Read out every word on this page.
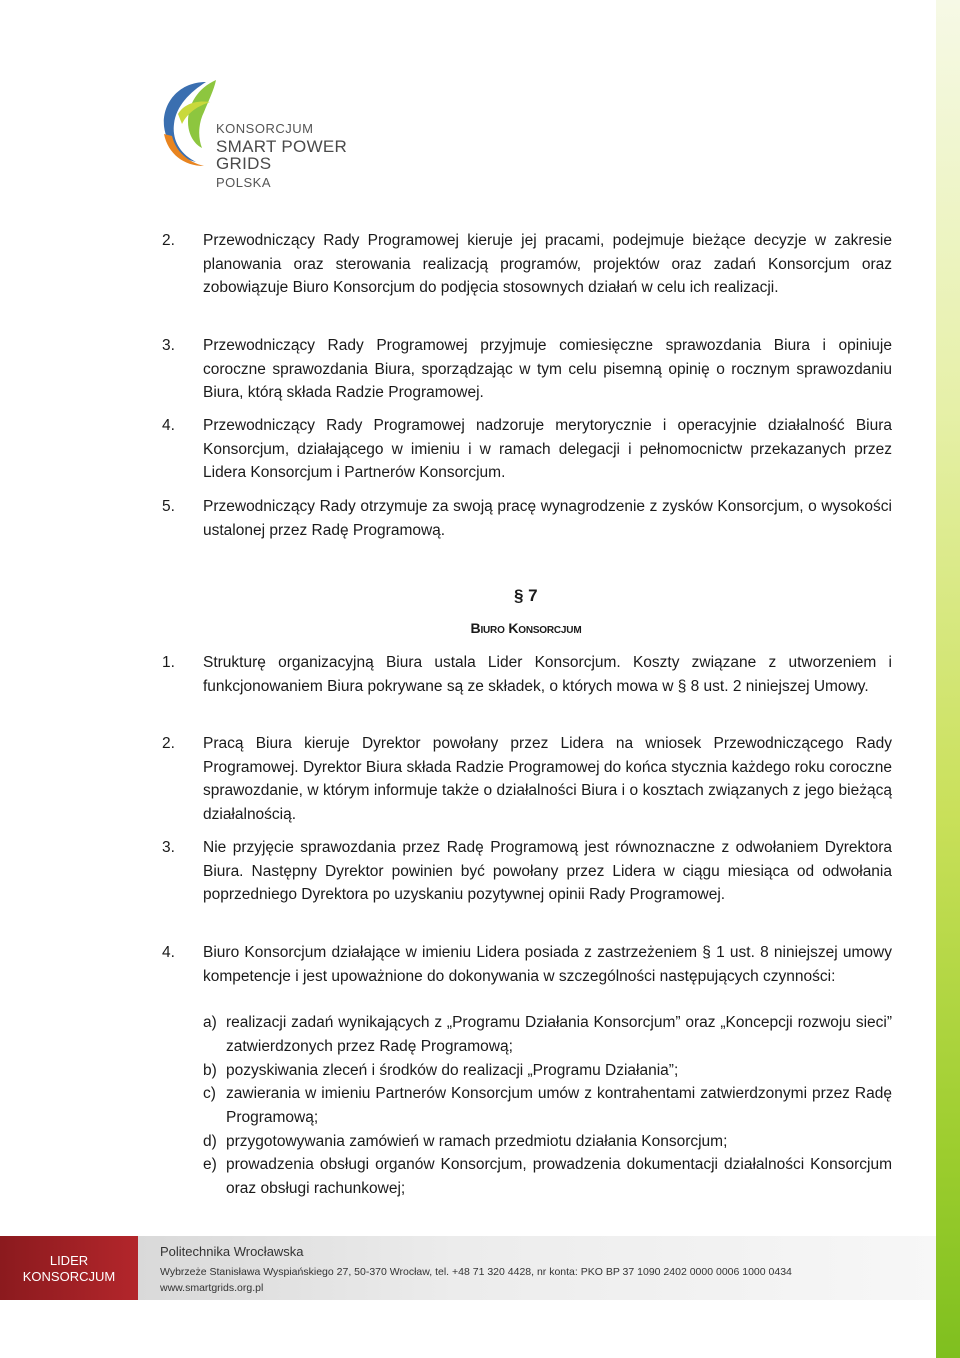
KONSORCJUM
SMART POWER GRIDS
POLSKA
2. Przewodniczący Rady Programowej kieruje jej pracami, podejmuje bieżące decyzje w zakresie planowania oraz sterowania realizacją programów, projektów oraz zadań Konsorcjum oraz zobowiązuje Biuro Konsorcjum do podjęcia stosownych działań w celu ich realizacji.
3. Przewodniczący Rady Programowej przyjmuje comiesięczne sprawozdania Biura i opiniuje coroczne sprawozdania Biura, sporządzając w tym celu pisemną opinię o rocznym sprawozdaniu Biura, którą składa Radzie Programowej.
4. Przewodniczący Rady Programowej nadzoruje merytorycznie i operacyjnie działalność Biura Konsorcjum, działającego w imieniu i w ramach delegacji i pełnomocnictw przekazanych przez Lidera Konsorcjum i Partnerów Konsorcjum.
5. Przewodniczący Rady otrzymuje za swoją pracę wynagrodzenie z zysków Konsorcjum, o wysokości ustalonej przez Radę Programową.
§ 7
Biuro Konsorcjum
1. Strukturę organizacyjną Biura ustala Lider Konsorcjum. Koszty związane z utworzeniem i funkcjonowaniem Biura pokrywane są ze składek, o których mowa w § 8 ust. 2 niniejszej Umowy.
2. Pracą Biura kieruje Dyrektor powołany przez Lidera na wniosek Przewodniczącego Rady Programowej. Dyrektor Biura składa Radzie Programowej do końca stycznia każdego roku coroczne sprawozdanie, w którym informuje także o działalności Biura i o kosztach związanych z jego bieżącą działalnością.
3. Nie przyjęcie sprawozdania przez Radę Programową jest równoznaczne z odwołaniem Dyrektora Biura. Następny Dyrektor powinien być powołany przez Lidera w ciągu miesiąca od odwołania poprzedniego Dyrektora po uzyskaniu pozytywnej opinii Rady Programowej.
4. Biuro Konsorcjum działające w imieniu Lidera posiada z zastrzeżeniem § 1 ust. 8 niniejszej umowy kompetencje i jest upoważnione do dokonywania w szczególności następujących czynności:
a) realizacji zadań wynikających z „Programu Działania Konsorcjum” oraz „Koncepcji rozwoju sieci” zatwierdzonych przez Radę Programową;
b) pozyskiwania zleceń i środków do realizacji „Programu Działania”;
c) zawierania w imieniu Partnerów Konsorcjum umów z kontrahentami zatwierdzonymi przez Radę Programową;
d) przygotowywania zamówień w ramach przedmiotu działania Konsorcjum;
e) prowadzenia obsługi organów Konsorcjum, prowadzenia dokumentacji działalności Konsorcjum oraz obsługi rachunkowej;
LIDER
KONSORCJUM
Politechnika Wrocławska
Wybrzeże Stanisława Wyspiańskiego 27, 50-370 Wrocław, tel. +48 71 320 4428, nr konta: PKO BP 37 1090 2402 0000 0006 1000 0434
www.smartgrids.org.pl
